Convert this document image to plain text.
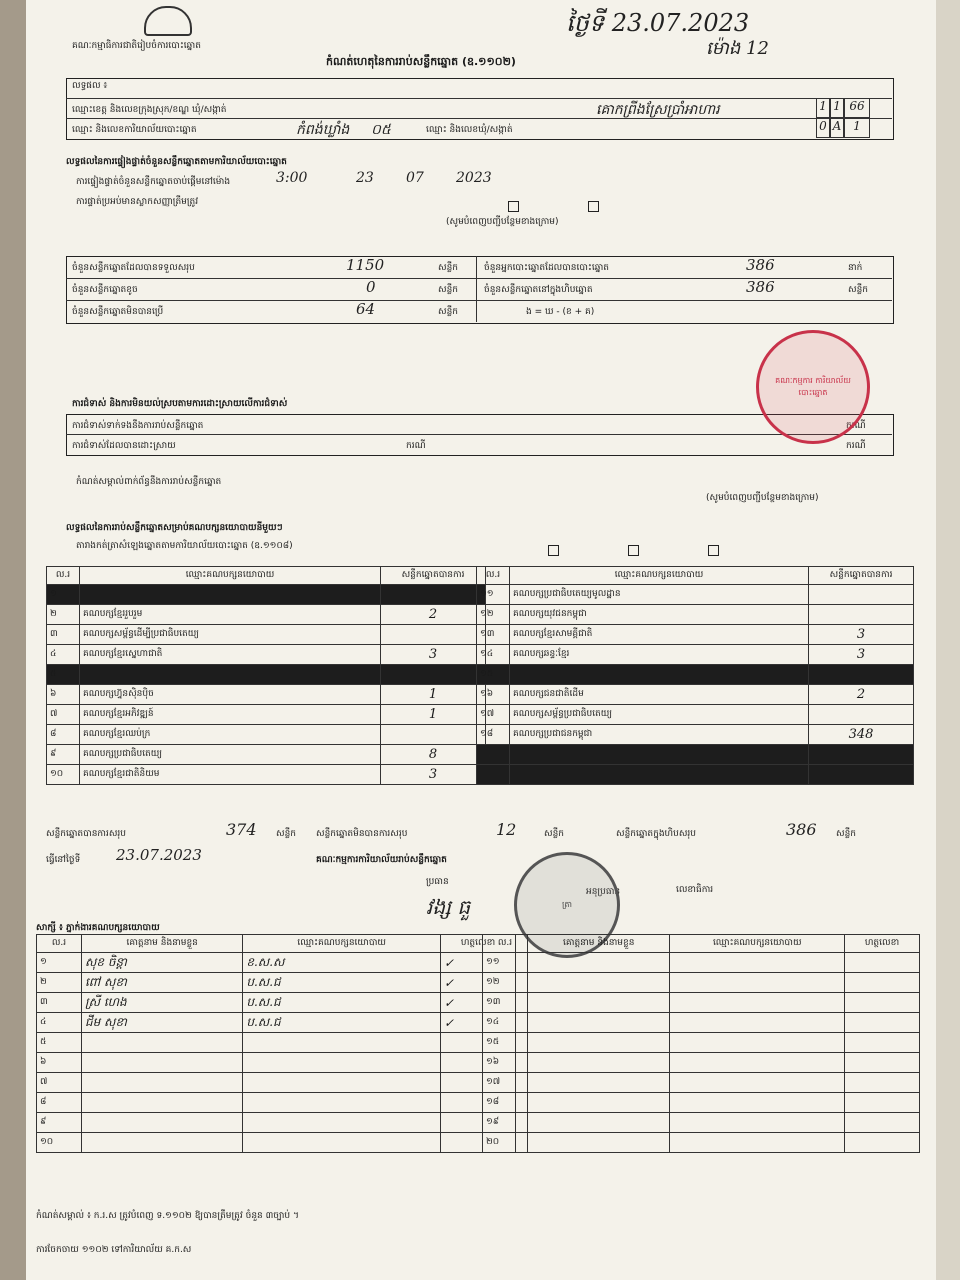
គណៈកម្មាធិការជាតិរៀបចំការបោះឆ្នោត
កំណត់ហេតុនៃការរាប់សន្លឹកឆ្នោត (ឧ.១១០២)
ថ្ងៃទី 23.07.2023
ម៉ោង 12
លទ្ធផល ៖
ឈ្មោះខេត្ត និងលេខក្រុងស្រុក/ខណ្ឌ ឃុំ/សង្កាត់	គោកព្រីងស្រែប្រាំអាហារ
ឈ្មោះ និងលេខការិយាល័យបោះឆ្នោត	កំពង់ឃ្លាំង ០៥	ឈ្មោះ និងលេខឃុំ/សង្កាត់
1 1 66
0 A 1
លទ្ធផលនៃការផ្ទៀងផ្ទាត់ចំនួនសន្លឹកឆ្នោតតាមការិយាល័យបោះឆ្នោត
ការផ្ទៀងផ្ទាត់ចំនួនសន្លឹកឆ្នោតចាប់ផ្តើមនៅម៉ោង	3:00	23 07 2023
ការផ្ទាត់ប្រអប់មានស្លាកសញ្ញាត្រឹមត្រូវ
(សូមបំពេញបញ្ជីបន្ថែមខាងក្រោម)
ចំនួនសន្លឹកឆ្នោតដែលបានទទួលសរុប	1150	សន្លឹក
ចំនួនសន្លឹកឆ្នោតខូច	0	សន្លឹក
ចំនួនសន្លឹកឆ្នោតមិនបានប្រើ	64	សន្លឹក
ចំនួនអ្នកបោះឆ្នោតដែលបានបោះឆ្នោត	386	នាក់
ចំនួនសន្លឹកឆ្នោតនៅក្នុងហិបឆ្នោត	386	សន្លឹក
ង = ឃ - (ខ + គ)
ការជំទាស់ និងការមិនយល់ស្របតាមការដោះស្រាយលើការជំទាស់
ការជំទាស់ទាក់ទងនឹងការរាប់សន្លឹកឆ្នោត
ការជំទាស់ដែលបានដោះស្រាយ	ករណី
ករណី
ករណី
កំណត់សម្គាល់ពាក់ព័ន្ធនឹងការរាប់សន្លឹកឆ្នោត
(សូមបំពេញបញ្ជីបន្ថែមខាងក្រោម)
គណៈកម្មការ ការិយាល័យបោះឆ្នោត
លទ្ធផលនៃការរាប់សន្លឹកឆ្នោតសម្រាប់គណបក្សនយោបាយនីមួយៗ
តារាងកត់ត្រាសំឡេងឆ្នោតតាមការិយាល័យបោះឆ្នោត (ឧ.១១០៨)
ល.រ	ឈ្មោះគណបក្សនយោបាយ	សន្លឹកឆ្នោតបានការ
១		
២	គណបក្សខ្មែររួបរួម	2
៣	គណបក្សសម្ព័ន្ធដើម្បីប្រជាធិបតេយ្យ	
៤	គណបក្សខ្មែរស្នេហាជាតិ	3
៥		
៦	គណបក្សហ្វ៊ុនស៊ិនប៉ិច	1
៧	គណបក្សខ្មែរអភិវឌ្ឍន៍	1
៨	គណបក្សខ្មែរឈប់ក្រ	
៩	គណបក្សប្រជាធិបតេយ្យ	8
១០	គណបក្សខ្មែរជាតិនិយម	3
ល.រ	ឈ្មោះគណបក្សនយោបាយ	សន្លឹកឆ្នោតបានការ
១១	គណបក្សប្រជាធិបតេយ្យមូលដ្ឋាន	
១២	គណបក្សយុវជនកម្ពុជា	
១៣	គណបក្សខ្មែរសាមគ្គីជាតិ	3
១៤	គណបក្សឆន្ទៈខ្មែរ	3
១៥		
១៦	គណបក្សជនជាតិដើម	2
១៧	គណបក្សសម្ព័ន្ធប្រជាធិបតេយ្យ	
១៨	គណបក្សប្រជាជនកម្ពុជា	348

សន្លឹកឆ្នោតបានការសរុប	374 សន្លឹក សន្លឹកឆ្នោតមិនបានការសរុប	12	សន្លឹក	សន្លឹកឆ្នោតក្នុងហិបសរុប	386 សន្លឹក
ធ្វើនៅថ្ងៃទី 23.07.2023	គណៈកម្មការការិយាល័យរាប់សន្លឹកឆ្នោត
ប្រធាន
អនុប្រធាន	លេខាធិការ
វង្ស ធួ	ត្រា
សាក្សី ៖ ភ្នាក់ងារគណបក្សនយោបាយ
ល.រ	គោត្តនាម និងនាមខ្លួន	ឈ្មោះគណបក្សនយោបាយ	ហត្ថលេខា
១	សុខ ចិន្ដា	ខ.ស.ស	✓
២	ពៅ សុខា	ប.ស.ជ	✓
៣	ស្រី ហេង	ប.ស.ជ	✓
៤	ជីម សុខា	ប.ស.ជ	✓
៥			
៦			
៧			
៨			
៩			
១០			
ល.រ	គោត្តនាម និងនាមខ្លួន	ឈ្មោះគណបក្សនយោបាយ	ហត្ថលេខា
១១			
១២			
១៣			
១៤			
១៥			
១៦			
១៧			
១៨			
១៩			
២០			
កំណត់សម្គាល់ ៖ ក.រ.ស ត្រូវបំពេញ ទ.១១០២ ឱ្យបានត្រឹមត្រូវ ចំនួន ៣ច្បាប់ ។
ការចែកចាយ ១១០២ ទៅការិយាល័យ គ.ក.ស
